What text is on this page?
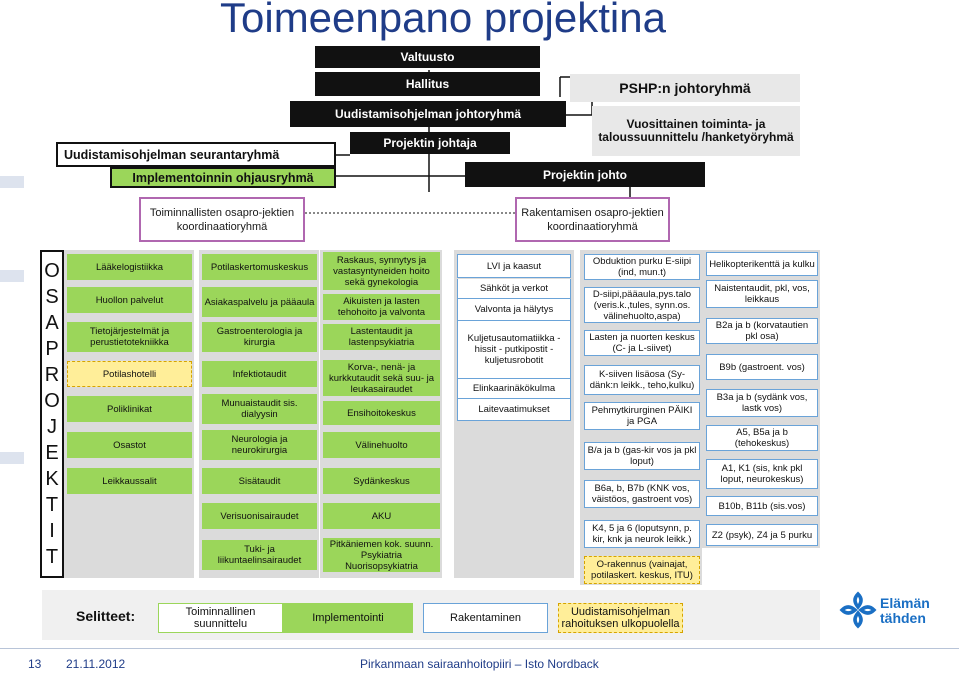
Toimeenpano projektina
Valtuusto
Hallitus
Uudistamisohjelman johtoryhmä
Projektin johtaja
Uudistamisohjelman seurantaryhmä
Implementoinnin ohjausryhmä
PSHP:n johtoryhmä
Vuosittainen toiminta- ja taloussuunnittelu /hanketyöryhmä
Projektin johto
Toiminnallisten osapro-jektien koordinaatioryhmä
Rakentamisen osapro-jektien koordinaatioryhmä
O
S
A
P
R
O
J
E
K
T
I
T
Lääkelogistiikka
Huollon palvelut
Tietojärjestelmät ja perustietotekniikka
Potilashotelli
Poliklinikat
Osastot
Leikkaussalit
Potilaskertomuskeskus
Asiakaspalvelu ja pääaula
Gastroenterologia ja kirurgia
Infektiotaudit
Munuaistaudit sis. dialyysin
Neurologia ja neurokirurgia
Sisätaudit
Verisuonisairaudet
Tuki- ja liikuntaelinsairaudet
Raskaus, synnytys ja vastasyntyneiden hoito sekä gynekologia
Aikuisten ja lasten tehohoito ja valvonta
Lastentaudit ja lastenpsykiatria
Korva-, nenä- ja kurkkutaudit sekä suu- ja leukasairaudet
Ensihoitokeskus
Välinehuolto
Sydänkeskus
AKU
Pitkäniemen kok. suunn. Psykiatria Nuorisopsykiatria
LVI ja kaasut
Sähköt ja verkot
Valvonta ja hälytys
Kuljetusautomatiikka - hissit - putkipostit - kuljetusrobotit
Elinkaarinäkökulma
Laitevaatimukset
Obduktion purku E-siipi (ind, mun.t)
D-siipi,pääaula,pys.talo (veris.k.,tules, synn.os. välinehuolto,aspa)
Lasten ja nuorten keskus (C- ja L-siivet)
K-siiven lisäosa (Sy-dänk:n leikk., teho,kulku)
Pehmytkirurginen PÄIKI ja PGA
B/a ja b (gas-kir vos ja pkl loput)
B6a, b, B7b (KNK vos, väistöos, gastroent vos)
K4, 5 ja 6 (loputsynn, p. kir, knk ja neurok leikk.)
O-rakennus (vainajat, potilaskert. keskus, ITU)
Helikopterikenttä ja kulku
Naistentaudit, pkl, vos, leikkaus
B2a ja b (korvatautien pkl osa)
B9b (gastroent. vos)
B3a ja b (sydänk vos, lastk vos)
A5, B5a ja b (tehokeskus)
A1, K1 (sis, knk pkl loput, neurokeskus)
B10b, B11b (sis.vos)
Z2 (psyk), Z4 ja 5 purku
Selitteet:	Toiminnallinen suunnittelu	Implementointi	Rakentaminen	Uudistamisohjelman rahoituksen ulkopuolella
Elämän tähden
13 21.11.2012	Pirkanmaan sairaanhoitopiiri – Isto Nordback
